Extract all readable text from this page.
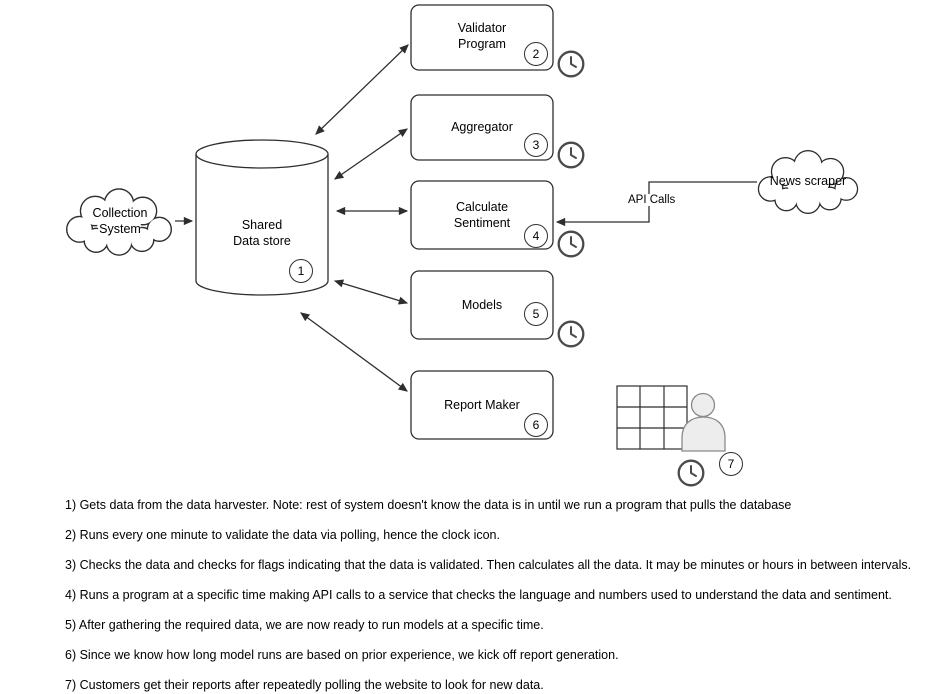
Collection
System	Shared
Data store
Validator
Program
Aggregator
Calculate
Sentiment
Models
Report Maker
News scraper
API Calls
1
2
3
4
5
6
7
1) Gets data from the data harvester. Note: rest of system doesn't know the data is in until we run a program that pulls the database
2) Runs every one minute to validate the data via polling, hence the clock icon.
3) Checks the data and checks for flags indicating that the data is validated. Then calculates all the data. It may be minutes or hours in between intervals.
4) Runs a program at a specific time making API calls to a service that checks the language and numbers used to understand the data and sentiment.
5) After gathering the required data, we are now ready to run models at a specific time.
6) Since we know how long model runs are based on prior experience, we kick off report generation.
7) Customers get their reports after repeatedly polling the website to look for new data.
